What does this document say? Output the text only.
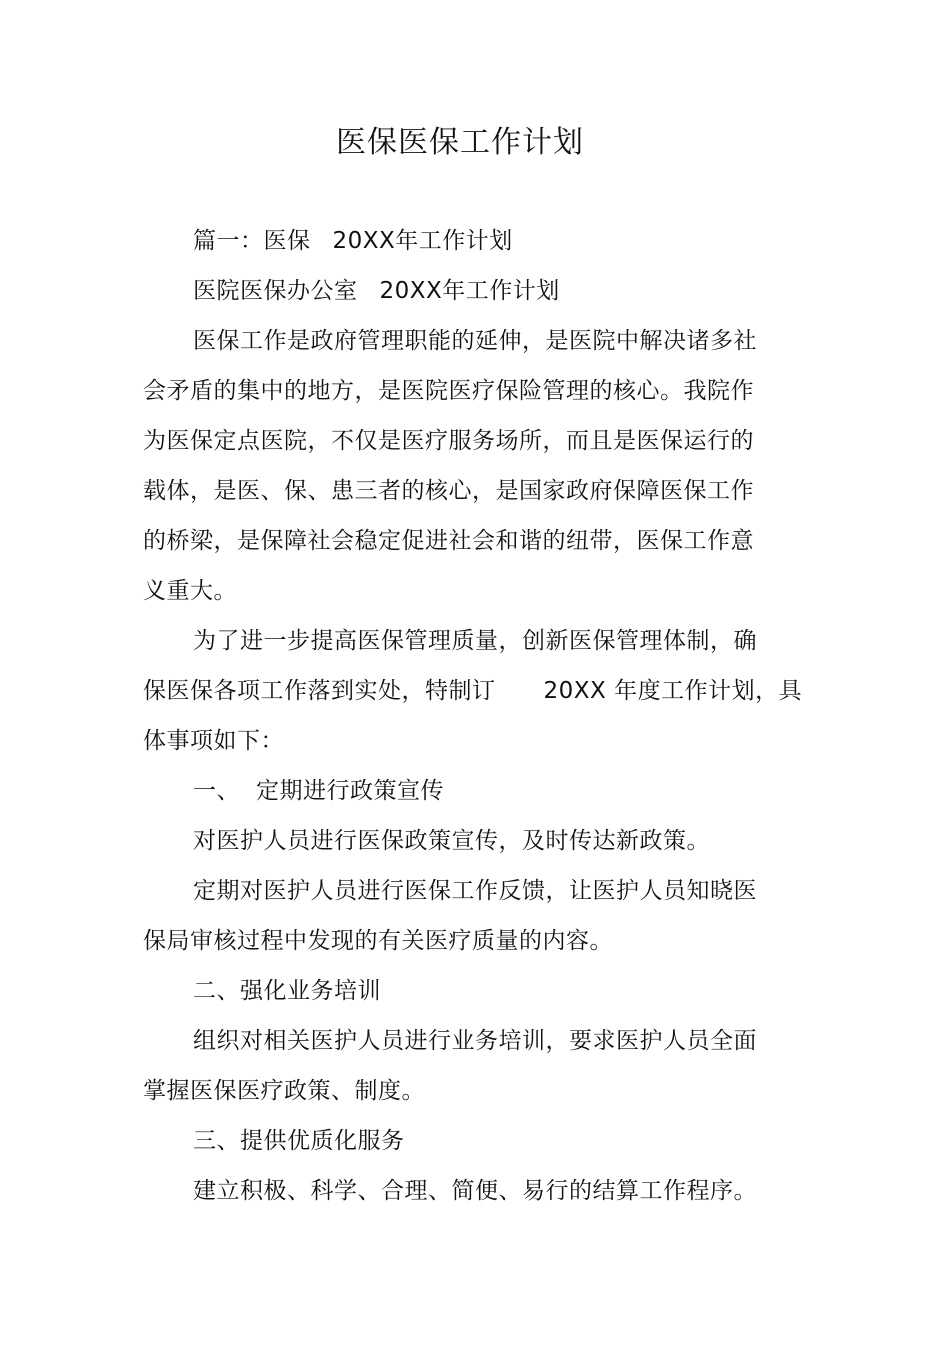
医保医保工作计划
篇一：医保 20XX年工作计划
医院医保办公室 20XX年工作计划
医保工作是政府管理职能的延伸，是医院中解决诸多社
会矛盾的集中的地方，是医院医疗保险管理的核心。我院作
为医保定点医院，不仅是医疗服务场所，而且是医保运行的
载体，是医、保、患三者的核心，是国家政府保障医保工作
的桥梁，是保障社会稳定促进社会和谐的纽带，医保工作意
义重大。
为了进一步提高医保管理质量，创新医保管理体制，确
保医保各项工作落到实处，特制订 20XX 年度工作计划，具
体事项如下：
一、 定期进行政策宣传
对医护人员进行医保政策宣传，及时传达新政策。
定期对医护人员进行医保工作反馈，让医护人员知晓医
保局审核过程中发现的有关医疗质量的内容。
二、强化业务培训
组织对相关医护人员进行业务培训，要求医护人员全面
掌握医保医疗政策、制度。
三、提供优质化服务
建立积极、科学、合理、简便、易行的结算工作程序。
